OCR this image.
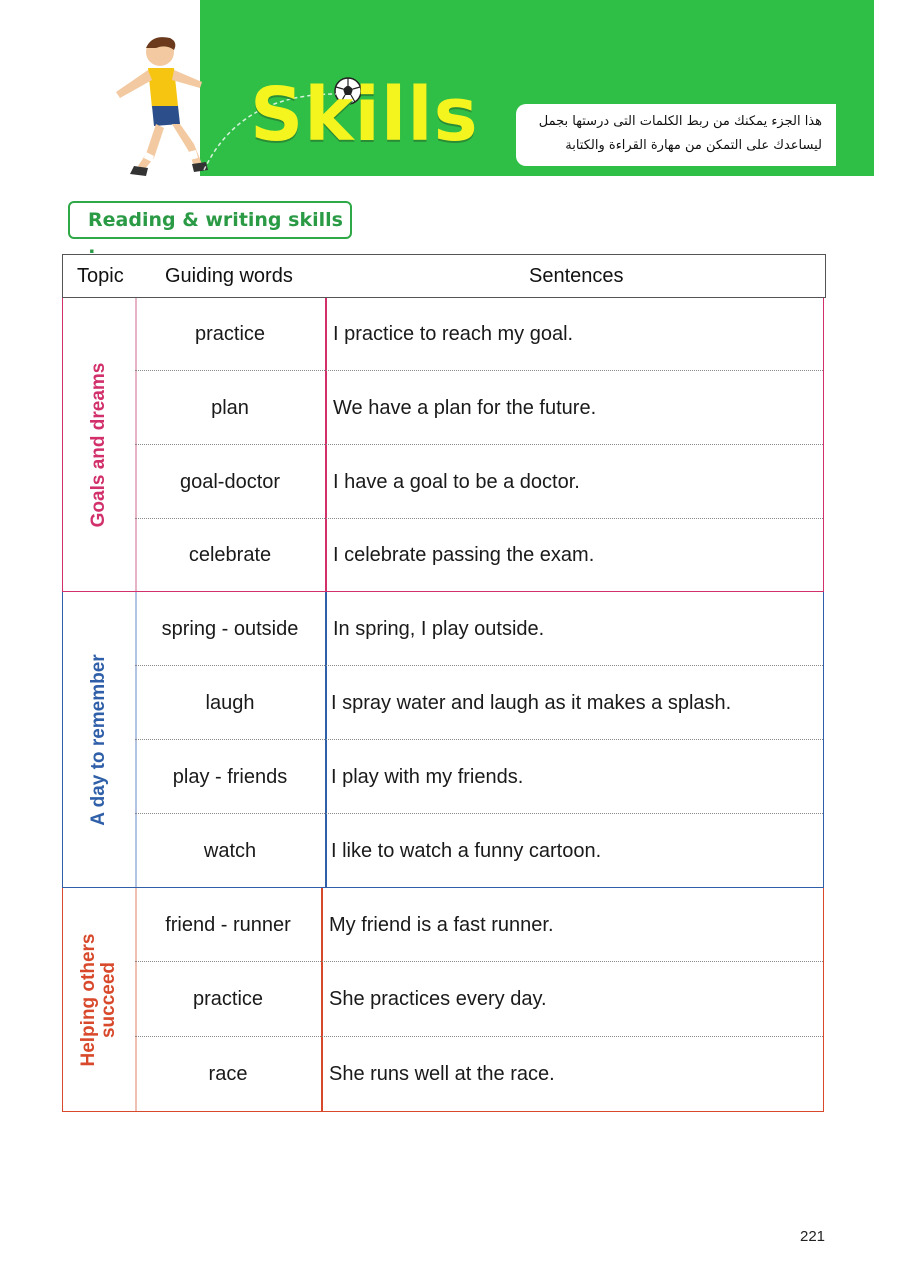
Skills	هذا الجزء يمكنك من ربط الكلمات التى درستها بجمل
ليساعدك على التمكن من مهارة القراءة والكتابة
Reading & writing skills
Topic Guiding words	Sentences
Goals and dreams
practice	I practice to reach my goal.
plan	We have a plan for the future.
goal-doctor	I have a goal to be a doctor.
celebrate	I celebrate passing the exam.
A day to remember
spring - outside	In spring, I play outside.
laugh	I spray water and laugh as it makes a splash.
play - friends	I play with my friends.
watch	I like to watch a funny cartoon.
Helping others succeed
friend - runner	My friend is a fast runner.
practice	She practices every day.
race	She runs well at the race.
221
